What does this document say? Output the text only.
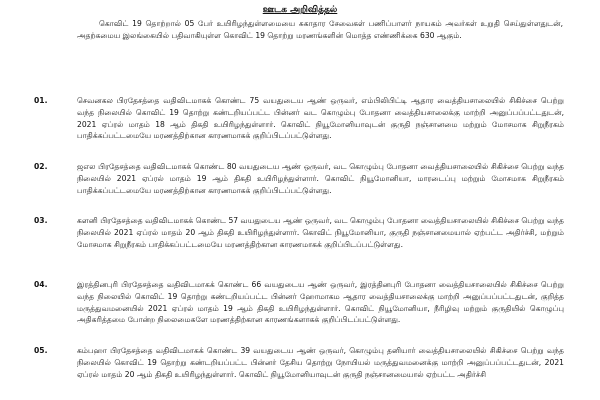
ஊடக அறிவித்தல்
கொவிட் 19 தொற்றால் 05 பேர் உயிரிழந்துள்ளமையை சுகாதார சேவைகள் பணிப்பாளர் நாயகம் அவர்கள் உறுதி செய்துள்ளதுடன், அதற்கமைய இலங்கையில் பதிவாகியுள்ள கொவிட் 19 தொற்று மரணங்களின் மொத்த எண்ணிக்கை 630 ஆகும்.
01.	செவனகல பிரதேசத்தை வதிவிடமாகக் கொண்ட 75 வயதுடைய ஆண் ஒருவர், எம்பிலிபிட்டி ஆதார வைத்தியசாலையில் சிகிச்சை பெற்று வந்த நிலையில் கொவிட் 19 தொற்று கண்டறியப்பட்ட பின்னர் வட கொழும்பு போதனா வைத்தியசாலைக்கு மாற்றி அனுப்பப்பட்டதுடன், 2021 ஏப்ரல் மாதம் 18 ஆம் திகதி உயிரிழந்துள்ளார். கொவிட் நியூமோனியாவுடன் குருதி நஞ்சானமை மற்றும் மோசமாக சிறுநீரகம் பாதிக்கப்பட்டமையே மரணத்திற்கான காரணமாகக் குறிப்பிடப்பட்டுள்ளது.
02.	ஜஎல பிரதேசத்தை வதிவிடமாகக் கொண்ட 80 வயதுடைய ஆண் ஒருவர், வட கொழும்பு போதனா வைத்தியசாலையில் சிகிச்சை பெற்று வந்த நிலையில் 2021 ஏப்ரல் மாதம் 19 ஆம் திகதி உயிரிழந்துள்ளார். கொவிட் நியூமோனியா, மாரடைப்பு மற்றும் மோசமாக சிறுநீரகம் பாதிக்கப்பட்டமையே மரணத்திற்கான காரணமாகக் குறிப்பிடப்பட்டுள்ளது.
03.	களனி பிரதேசத்தை வதிவிடமாகக் கொண்ட 57 வயதுடைய ஆண் ஒருவர், வட கொழும்பு போதனா வைத்தியசாலையில் சிகிச்சை பெற்று வந்த நிலையில் 2021 ஏப்ரல் மாதம் 20 ஆம் திகதி உயிரிழந்துள்ளார். கொவிட் நியூமோனியா, குருதி நஞ்சானமையால் ஏற்பட்ட அதிர்ச்சி, மற்றும் மோசமாக சிறுநீரகம் பாதிக்கப்பட்டமையே மரணத்திற்கான காரணமாகக் குறிப்பிடப்பட்டுள்ளது.
04.	இரத்தினபுரி பிரதேசத்தை வதிவிடமாகக் கொண்ட 66 வயதுடைய ஆண் ஒருவர், இரத்தினபுரி போதனா வைத்தியசாலையில் சிகிச்சை பெற்று வந்த நிலையில் கொவிட் 19 தொற்று கண்டறியப்பட்ட பின்னர் ஹோமாகம ஆதார வைத்தியசாலைக்கு மாற்றி அனுப்பப்பட்டதுடன், குறித்த மருத்துவமனையில் 2021 ஏப்ரல் மாதம் 19 ஆம் திகதி உயிரிழந்துள்ளார். கொவிட் நியூமோனியா, நீரிழிவு மற்றும் குருதியில் கொழுப்பு அதிகரித்தமை போன்ற நிலைமைகளே மரணத்திற்கான காரணங்களாகக் குறிப்பிடப்பட்டுள்ளது.
05.	கம்பஹா பிரதேசத்தை வதிவிடமாகக் கொண்ட 39 வயதுடைய ஆண் ஒருவர், கொழும்பு தனியார் வைத்தியசாலையில் சிகிச்சை பெற்று வந்த நிலையில் கொவிட் 19 தொற்று கண்டறியப்பட்ட பின்னர் தேசிய தொற்று நோயியல் மருத்துவமனைக்கு மாற்றி அனுப்பப்பட்டதுடன், 2021 ஏப்ரல் மாதம் 20 ஆம் திகதி உயிரிழந்துள்ளார். கொவிட் நியூமோனியாவுடன் குருதி நஞ்சானமையால் ஏற்பட்ட அதிர்ச்சி
